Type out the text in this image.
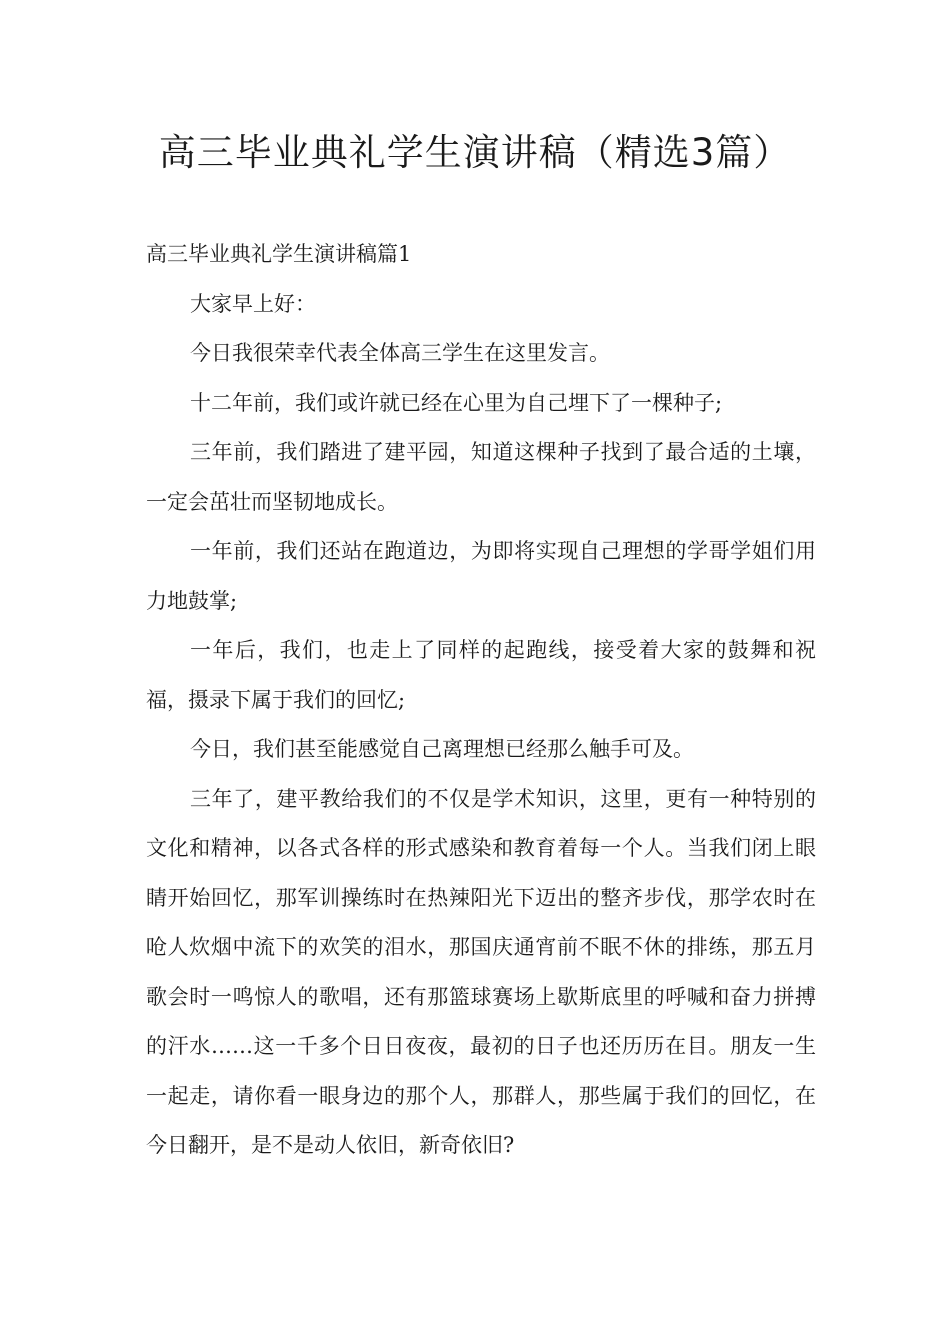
高三毕业典礼学生演讲稿（精选3篇）

高三毕业典礼学生演讲稿篇1

大家早上好：

今日我很荣幸代表全体高三学生在这里发言。

十二年前，我们或许就已经在心里为自己埋下了一棵种子;

三年前，我们踏进了建平园，知道这棵种子找到了最合适的土壤，一定会茁壮而坚韧地成长。

一年前，我们还站在跑道边，为即将实现自己理想的学哥学姐们用力地鼓掌;

一年后，我们，也走上了同样的起跑线，接受着大家的鼓舞和祝福，摄录下属于我们的回忆;

今日，我们甚至能感觉自己离理想已经那么触手可及。

三年了，建平教给我们的不仅是学术知识，这里，更有一种特别的文化和精神，以各式各样的形式感染和教育着每一个人。当我们闭上眼睛开始回忆，那军训操练时在热辣阳光下迈出的整齐步伐，那学农时在呛人炊烟中流下的欢笑的泪水，那国庆通宵前不眠不休的排练，那五月歌会时一鸣惊人的歌唱，还有那篮球赛场上歇斯底里的呼喊和奋力拼搏的汗水……这一千多个日日夜夜，最初的日子也还历历在目。朋友一生一起走，请你看一眼身边的那个人，那群人，那些属于我们的回忆，在今日翻开，是不是动人依旧，新奇依旧?
